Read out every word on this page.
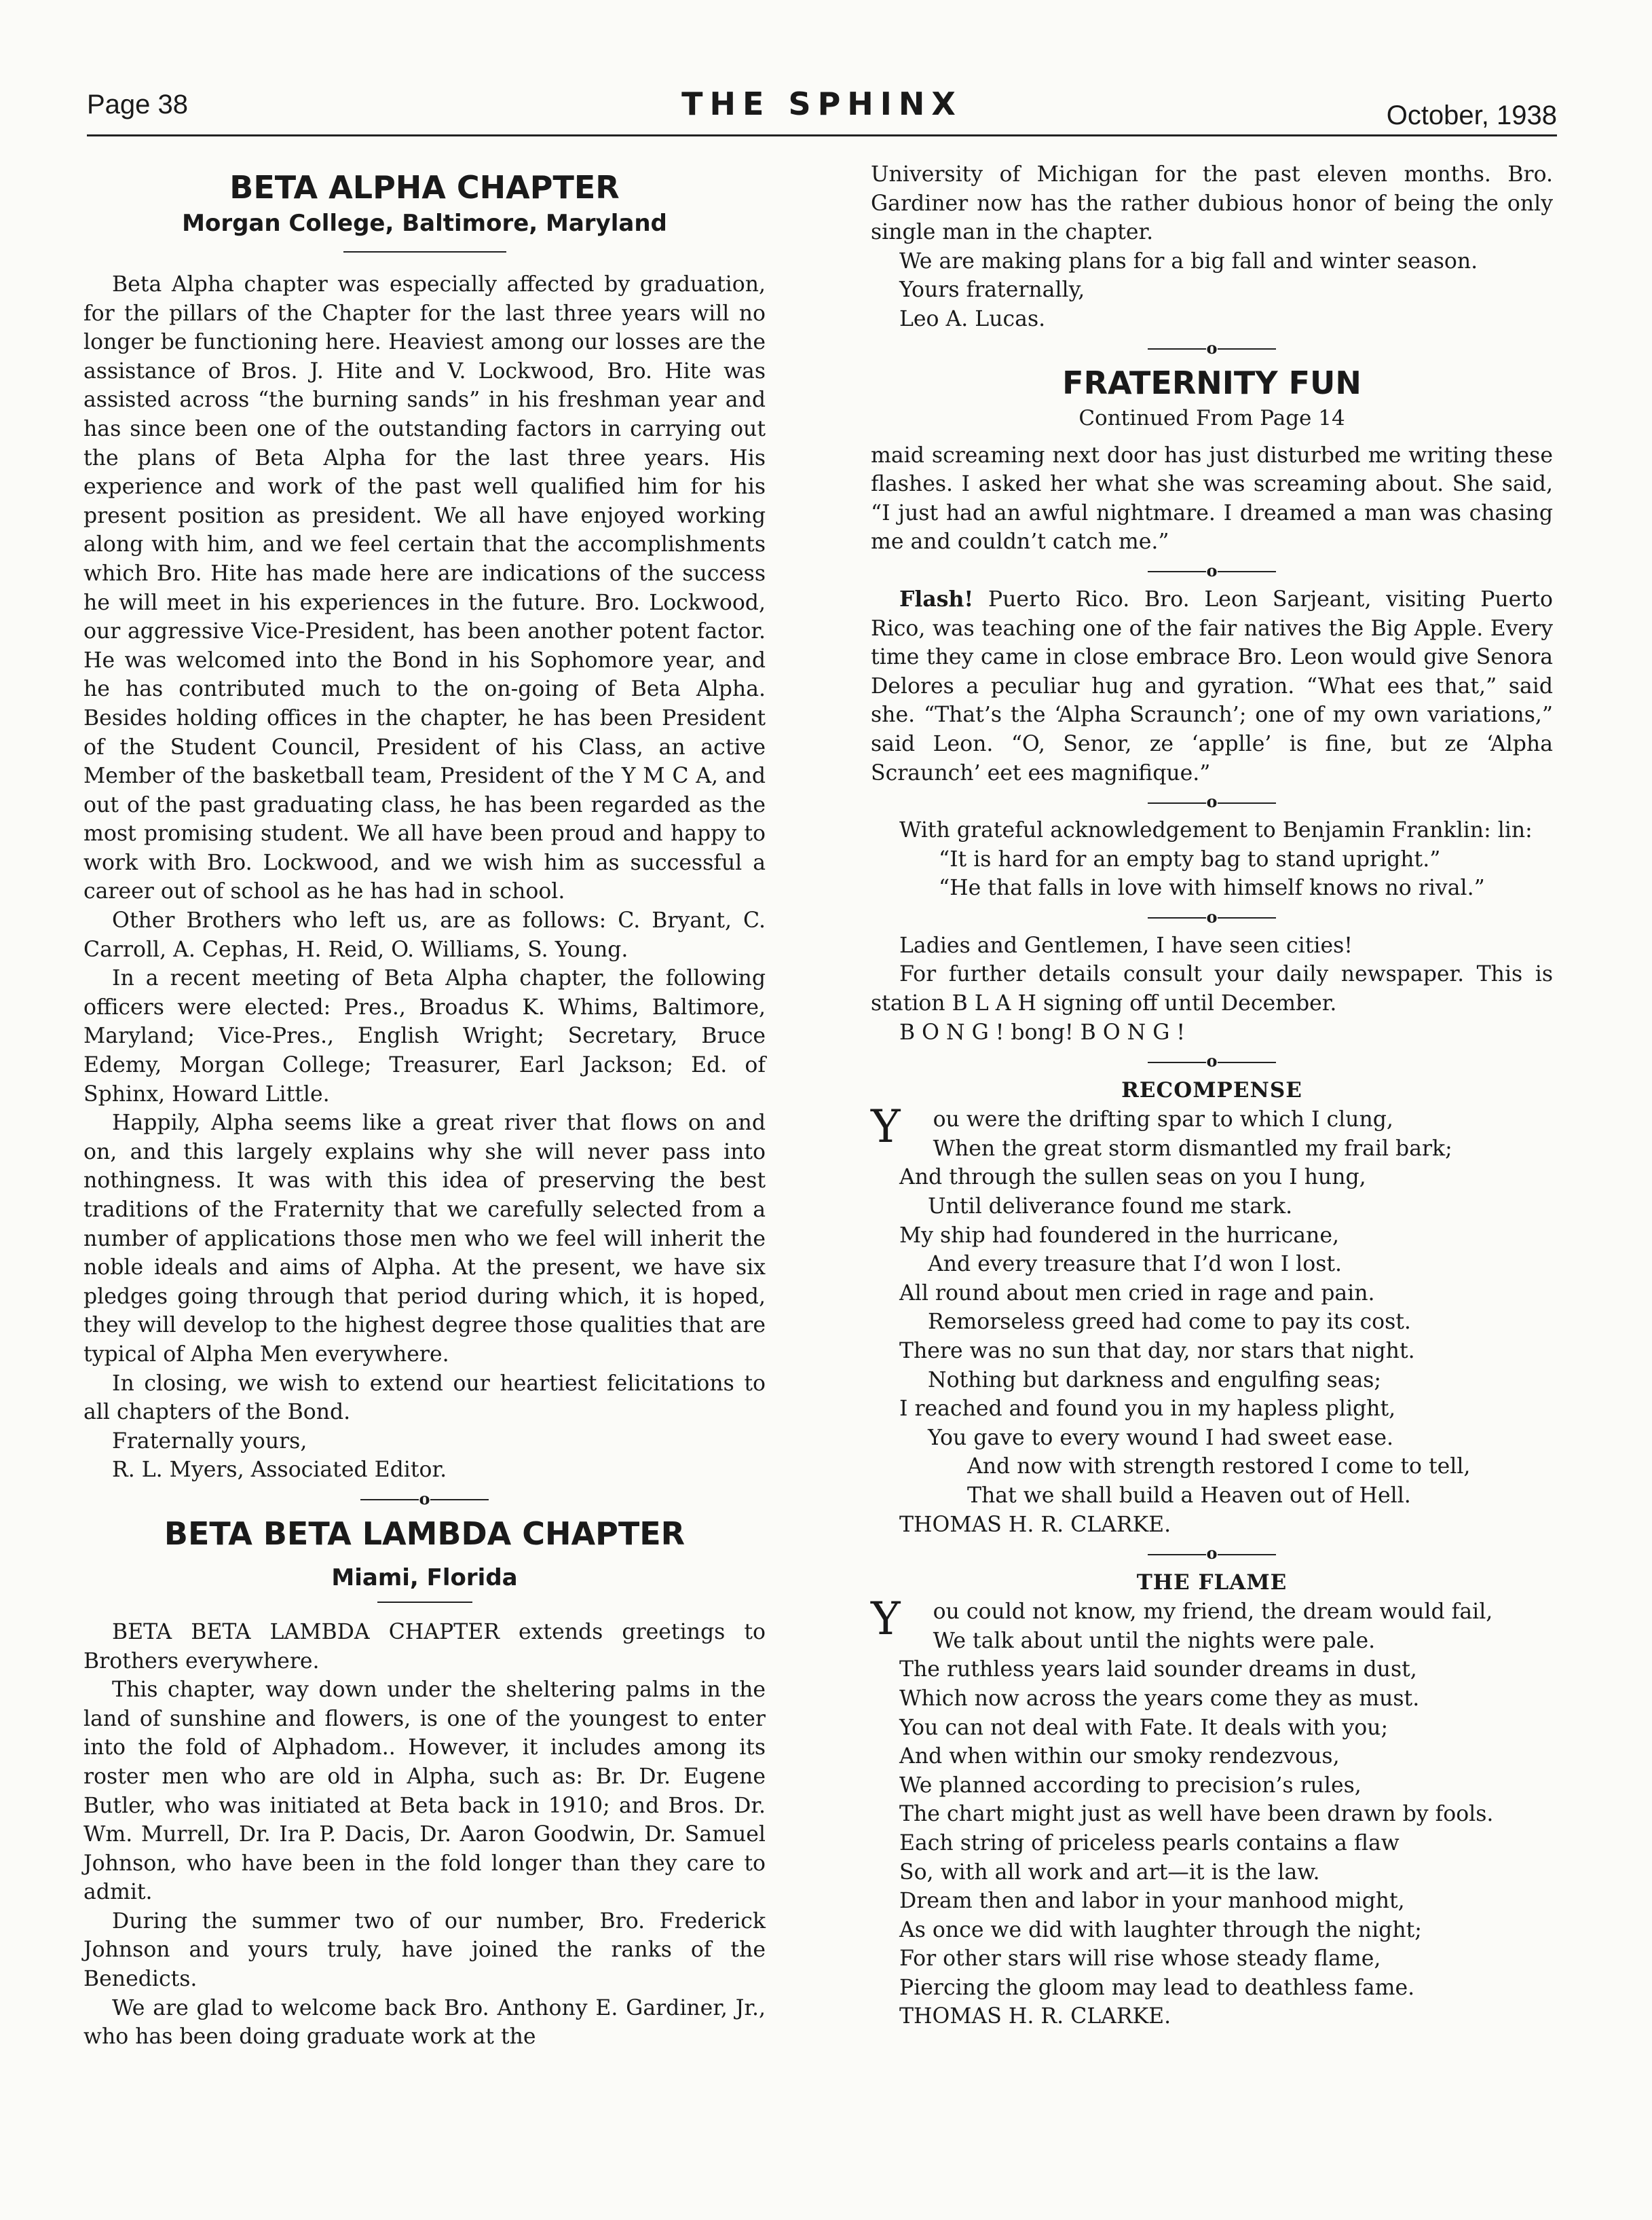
Page 38	THE SPHINX	October, 1938
BETA ALPHA CHAPTER
Morgan College, Baltimore, Maryland

Beta Alpha chapter was especially affected by graduation, for the pillars of the Chapter for the last three years will no longer be functioning here. Heaviest among our losses are the assistance of Bros. J. Hite and V. Lockwood, Bro. Hite was assisted across “the burning sands” in his freshman year and has since been one of the outstanding factors in carrying out the plans of Beta Alpha for the last three years. His experience and work of the past well qualified him for his present position as president. We all have enjoyed working along with him, and we feel certain that the accomplishments which Bro. Hite has made here are indications of the success he will meet in his experiences in the future. Bro. Lockwood, our aggressive Vice-President, has been another potent factor. He was welcomed into the Bond in his Sophomore year, and he has contributed much to the on-going of Beta Alpha. Besides holding offices in the chapter, he has been President of the Student Council, President of his Class, an active Member of the basketball team, President of the Y M C A, and out of the past graduating class, he has been regarded as the most promising student. We all have been proud and happy to work with Bro. Lockwood, and we wish him as successful a career out of school as he has had in school.

Other Brothers who left us, are as follows: C. Bryant, C. Carroll, A. Cephas, H. Reid, O. Williams, S. Young.

In a recent meeting of Beta Alpha chapter, the following officers were elected: Pres., Broadus K. Whims, Baltimore, Maryland; Vice-Pres., English Wright; Secretary, Bruce Edemy, Morgan College; Treasurer, Earl Jackson; Ed. of Sphinx, Howard Little.

Happily, Alpha seems like a great river that flows on and on, and this largely explains why she will never pass into nothingness. It was with this idea of preserving the best traditions of the Fraternity that we carefully selected from a number of applications those men who we feel will inherit the noble ideals and aims of Alpha. At the present, we have six pledges going through that period during which, it is hoped, they will develop to the highest degree those qualities that are typical of Alpha Men everywhere.

In closing, we wish to extend our heartiest felicitations to all chapters of the Bond.

Fraternally yours,

R. L. Myers, Associated Editor.

o
BETA BETA LAMBDA CHAPTER
Miami, Florida

BETA BETA LAMBDA CHAPTER extends greetings to Brothers everywhere.

This chapter, way down under the sheltering palms in the land of sunshine and flowers, is one of the youngest to enter into the fold of Alphadom.. However, it includes among its roster men who are old in Alpha, such as: Br. Dr. Eugene Butler, who was initiated at Beta back in 1910; and Bros. Dr. Wm. Murrell, Dr. Ira P. Dacis, Dr. Aaron Goodwin, Dr. Samuel Johnson, who have been in the fold longer than they care to admit.

During the summer two of our number, Bro. Frederick Johnson and yours truly, have joined the ranks of the Benedicts.

We are glad to welcome back Bro. Anthony E. Gardiner, Jr., who has been doing graduate work at the

University of Michigan for the past eleven months. Bro. Gardiner now has the rather dubious honor of being the only single man in the chapter.

We are making plans for a big fall and winter season.

Yours fraternally,

Leo A. Lucas.

o
FRATERNITY FUN
Continued From Page 14

maid screaming next door has just disturbed me writing these flashes. I asked her what she was screaming about. She said, “I just had an awful nightmare. I dreamed a man was chasing me and couldn’t catch me.”

o

Flash! Puerto Rico. Bro. Leon Sarjeant, visiting Puerto Rico, was teaching one of the fair natives the Big Apple. Every time they came in close embrace Bro. Leon would give Senora Delores a peculiar hug and gyration. “What ees that,” said she. “That’s the ‘Alpha Scraunch’; one of my own variations,” said Leon. “O, Senor, ze ‘applle’ is fine, but ze ‘Alpha Scraunch’ eet ees magnifique.”

o

With grateful acknowledgement to Benjamin Franklin: lin:

“It is hard for an empty bag to stand upright.”

“He that falls in love with himself knows no rival.”

o

Ladies and Gentlemen, I have seen cities!

For further details consult your daily newspaper. This is station B L A H signing off until December.

B O N G ! bong! B O N G !

o
RECOMPENSE
Y	ou were the drifting spar to which I clung,

When the great storm dismantled my frail bark;

And through the sullen seas on you I hung,

Until deliverance found me stark.

My ship had foundered in the hurricane,

And every treasure that I’d won I lost.

All round about men cried in rage and pain.

Remorseless greed had come to pay its cost.

There was no sun that day, nor stars that night.

Nothing but darkness and engulfing seas;

I reached and found you in my hapless plight,

You gave to every wound I had sweet ease.

And now with strength restored I come to tell,

That we shall build a Heaven out of Hell.

THOMAS H. R. CLARKE.

o
THE FLAME
Y	ou could not know, my friend, the dream would fail,

We talk about until the nights were pale.

The ruthless years laid sounder dreams in dust,

Which now across the years come they as must.

You can not deal with Fate. It deals with you;

And when within our smoky rendezvous,

We planned according to precision’s rules,

The chart might just as well have been drawn by fools.

Each string of priceless pearls contains a flaw

So, with all work and art—it is the law.

Dream then and labor in your manhood might,

As once we did with laughter through the night;

For other stars will rise whose steady flame,

Piercing the gloom may lead to deathless fame.

THOMAS H. R. CLARKE.
